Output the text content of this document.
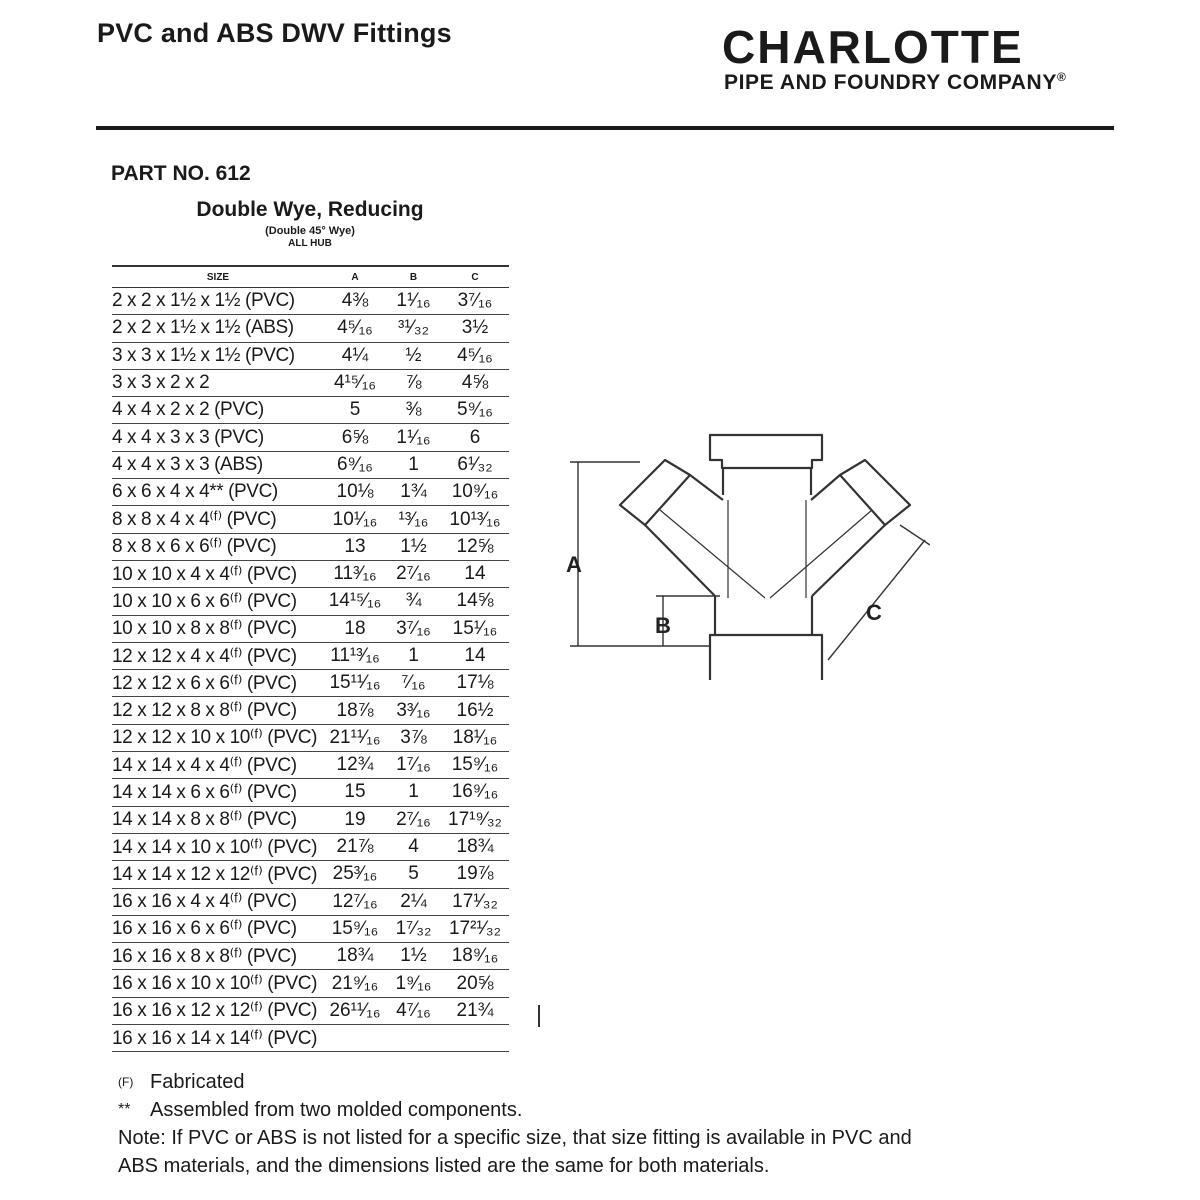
PVC and ABS DWV Fittings	CHARLOTTE
PIPE AND FOUNDRY COMPANY®
PART NO. 612
Double Wye, Reducing
(Double 45° Wye)
ALL HUB
SIZE	A	B	C
2 x 2 x 1½ x 1½ (PVC)	4⅜	1¹⁄₁₆	3⁷⁄₁₆
2 x 2 x 1½ x 1½ (ABS)	4⁵⁄₁₆	³¹⁄₃₂	3½
3 x 3 x 1½ x 1½ (PVC)	4¼	½	4⁵⁄₁₆
3 x 3 x 2 x 2	4¹⁵⁄₁₆	⅞	4⅝
4 x 4 x 2 x 2 (PVC)	5	⅜	5⁹⁄₁₆
4 x 4 x 3 x 3 (PVC)	6⅝	1¹⁄₁₆	6
4 x 4 x 3 x 3 (ABS)	6⁹⁄₁₆	1	6¹⁄₃₂
6 x 6 x 4 x 4** (PVC)	10⅛	1¾	10⁹⁄₁₆
8 x 8 x 4 x 4⁽ᶠ⁾ (PVC)	10¹⁄₁₆	¹³⁄₁₆	10¹³⁄₁₆
8 x 8 x 6 x 6⁽ᶠ⁾ (PVC)	13	1½	12⅝
10 x 10 x 4 x 4⁽ᶠ⁾ (PVC)	11³⁄₁₆	2⁷⁄₁₆	14
10 x 10 x 6 x 6⁽ᶠ⁾ (PVC)	14¹⁵⁄₁₆	¾	14⅝
10 x 10 x 8 x 8⁽ᶠ⁾ (PVC)	18	3⁷⁄₁₆	15¹⁄₁₆
12 x 12 x 4 x 4⁽ᶠ⁾ (PVC)	11¹³⁄₁₆	1	14
12 x 12 x 6 x 6⁽ᶠ⁾ (PVC)	15¹¹⁄₁₆	⁷⁄₁₆	17⅛
12 x 12 x 8 x 8⁽ᶠ⁾ (PVC)	18⅞	3³⁄₁₆	16½
12 x 12 x 10 x 10⁽ᶠ⁾ (PVC)	21¹¹⁄₁₆	3⅞	18¹⁄₁₆
14 x 14 x 4 x 4⁽ᶠ⁾ (PVC)	12¾	1⁷⁄₁₆	15⁹⁄₁₆
14 x 14 x 6 x 6⁽ᶠ⁾ (PVC)	15	1	16⁹⁄₁₆
14 x 14 x 8 x 8⁽ᶠ⁾ (PVC)	19	2⁷⁄₁₆	17¹⁹⁄₃₂
14 x 14 x 10 x 10⁽ᶠ⁾ (PVC)	21⅞	4	18¾
14 x 14 x 12 x 12⁽ᶠ⁾ (PVC)	25³⁄₁₆	5	19⅞
16 x 16 x 4 x 4⁽ᶠ⁾ (PVC)	12⁷⁄₁₆	2¼	17¹⁄₃₂
16 x 16 x 6 x 6⁽ᶠ⁾ (PVC)	15⁹⁄₁₆	1⁷⁄₃₂	17²¹⁄₃₂
16 x 16 x 8 x 8⁽ᶠ⁾ (PVC)	18¾	1½	18⁹⁄₁₆
16 x 16 x 10 x 10⁽ᶠ⁾ (PVC)	21⁹⁄₁₆	1⁹⁄₁₆	20⅝
16 x 16 x 12 x 12⁽ᶠ⁾ (PVC)	26¹¹⁄₁₆	4⁷⁄₁₆	21¾
16 x 16 x 14 x 14⁽ᶠ⁾ (PVC)			
A
B
C
(F) Fabricated
** Assembled from two molded components.
Note: If PVC or ABS is not listed for a specific size, that size fitting is available in PVC and
ABS materials, and the dimensions listed are the same for both materials.
